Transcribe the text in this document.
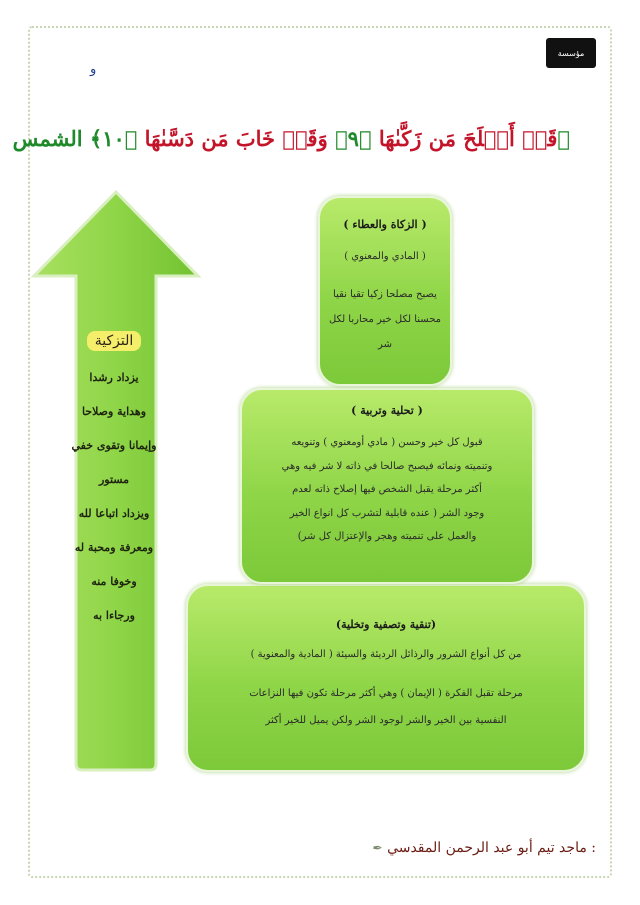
مؤسسة
ﻭ
﴿قَدۡ أَفۡلَحَ مَن زَكَّىٰهَا ﴿٩﴾ وَقَدۡ خَابَ مَن دَسَّىٰهَا ﴿١٠﴾ الشمس
التزكية
يزداد رشدا
وهداية وصلاحا
وإيمانا وتقوى خفي
مستور
ويزداد اتباعا لله
ومعرفة ومحبة له
وخوفا منه
ورجاءا به
( الزكاة والعطاء )

( المادي والمعنوي )

يصبح مصلحا زكيا تقيا نقيا

محسنا لكل خير محاربا لكل

شر

( تحلية وتربية )

قبول كل خير وحسن ( مادي أومعنوي ) وتنويعه

وتنميته ونمائه فيصبح صالحا في ذاته لا شر فيه وهي

أكثر مرحلة يقبل الشخص فيها إصلاح ذاته لعدم

وجود الشر ( عنده قابلية لتشرب كل انواع الخير

والعمل على تنميته وهجر والإعتزال كل شر)

(تنقية وتصفية وتخلية)

من كل أنواع الشرور والرذائل الرديئة والسيئة ( المادية والمعنوية )

مرحلة تقبل الفكرة ( الإيمان ) وهي أكثر مرحلة تكون فيها النزاعات

النفسية بين الخير والشر لوجود الشر ولكن يميل للخير أكثر

: ماجد تيم أبو عبد الرحمن المقدسي ✒
